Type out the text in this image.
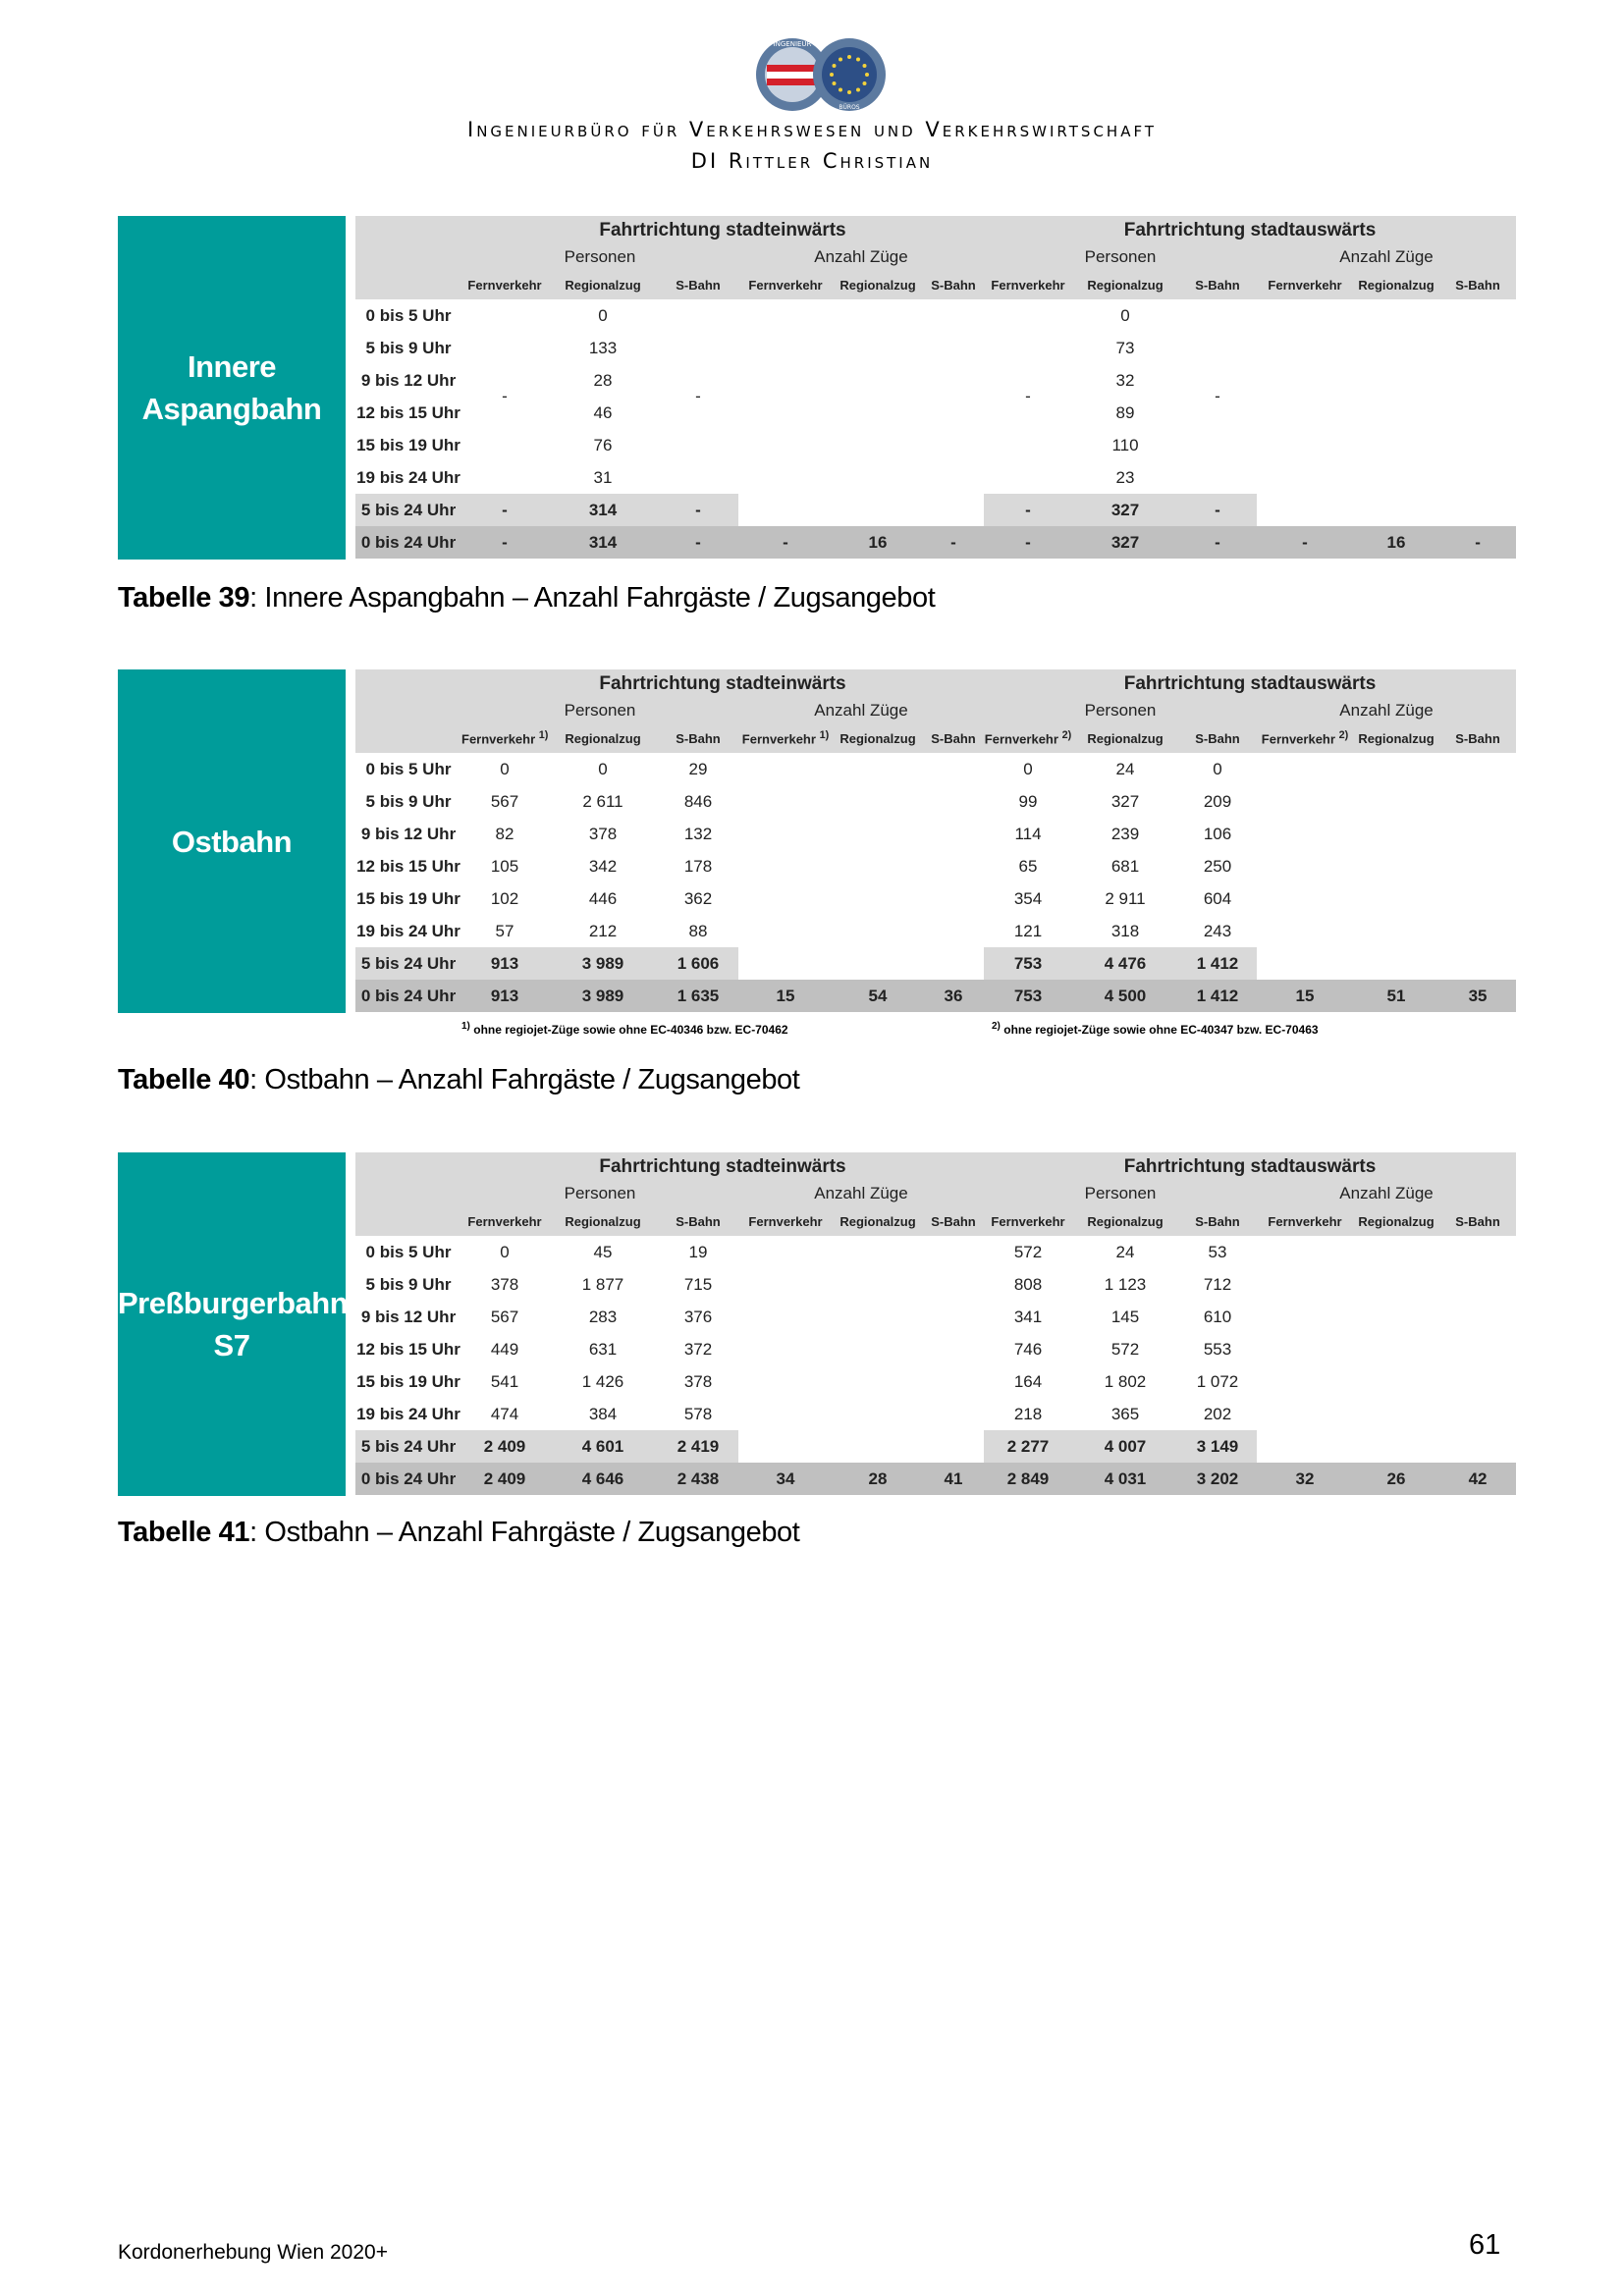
INGENIEUR
BÜROS
Ingenieurbüro für Verkehrswesen und Verkehrswirtschaft
DI Rittler Christian
Innere
Aspangbahn
	Fahrtrichtung stadteinwärts						Fahrtrichtung stadtauswärts					
	Personen			Anzahl Züge			Personen			Anzahl Züge		
	Fernverkehr	Regionalzug	S-Bahn	Fernverkehr	Regionalzug	S-Bahn	Fernverkehr	Regionalzug	S-Bahn	Fernverkehr	Regionalzug	S-Bahn
0 bis 5 Uhr	-	0	-				-	0	-			
5 bis 9 Uhr		133						73				
9 bis 12 Uhr		28						32				
12 bis 15 Uhr		46						89				
15 bis 19 Uhr		76						110				
19 bis 24 Uhr		31						23				
5 bis 24 Uhr	-	314	-				-	327	-			
0 bis 24 Uhr	-	314	-	-	16	-	-	327	-	-	16	-
Tabelle 39: Innere Aspangbahn – Anzahl Fahrgäste / Zugsangebot
Ostbahn
	Fahrtrichtung stadteinwärts						Fahrtrichtung stadtauswärts					
	Personen			Anzahl Züge			Personen			Anzahl Züge		
	Fernverkehr $^{1)}$	Regionalzug	S-Bahn	Fernverkehr $^{1)}$	Regionalzug	S-Bahn	Fernverkehr $^{2)}$	Regionalzug	S-Bahn	Fernverkehr $^{2)}$	Regionalzug	S-Bahn
0 bis 5 Uhr	0	0	29				0	24	0			
5 bis 9 Uhr	567	2 611	846				99	327	209			
9 bis 12 Uhr	82	378	132				114	239	106			
12 bis 15 Uhr	105	342	178				65	681	250			
15 bis 19 Uhr	102	446	362				354	2 911	604			
19 bis 24 Uhr	57	212	88				121	318	243			
5 bis 24 Uhr	913	3 989	1 606				753	4 476	1 412			
0 bis 24 Uhr	913	3 989	1 635	15	54	36	753	4 500	1 412	15	51	35
$^{1)}$ ohne regiojet-Züge sowie ohne EC-40346 bzw. EC-70462	$^{2)}$ ohne regiojet-Züge sowie ohne EC-40347 bzw. EC-70463
Tabelle 40: Ostbahn – Anzahl Fahrgäste / Zugsangebot
Preßburgerbahn
S7
	Fahrtrichtung stadteinwärts						Fahrtrichtung stadtauswärts					
	Personen			Anzahl Züge			Personen			Anzahl Züge		
	Fernverkehr	Regionalzug	S-Bahn	Fernverkehr	Regionalzug	S-Bahn	Fernverkehr	Regionalzug	S-Bahn	Fernverkehr	Regionalzug	S-Bahn
0 bis 5 Uhr	0	45	19				572	24	53			
5 bis 9 Uhr	378	1 877	715				808	1 123	712			
9 bis 12 Uhr	567	283	376				341	145	610			
12 bis 15 Uhr	449	631	372				746	572	553			
15 bis 19 Uhr	541	1 426	378				164	1 802	1 072			
19 bis 24 Uhr	474	384	578				218	365	202			
5 bis 24 Uhr	2 409	4 601	2 419				2 277	4 007	3 149			
0 bis 24 Uhr	2 409	4 646	2 438	34	28	41	2 849	4 031	3 202	32	26	42
Tabelle 41: Ostbahn – Anzahl Fahrgäste / Zugsangebot
Kordonerhebung Wien 2020+	61
